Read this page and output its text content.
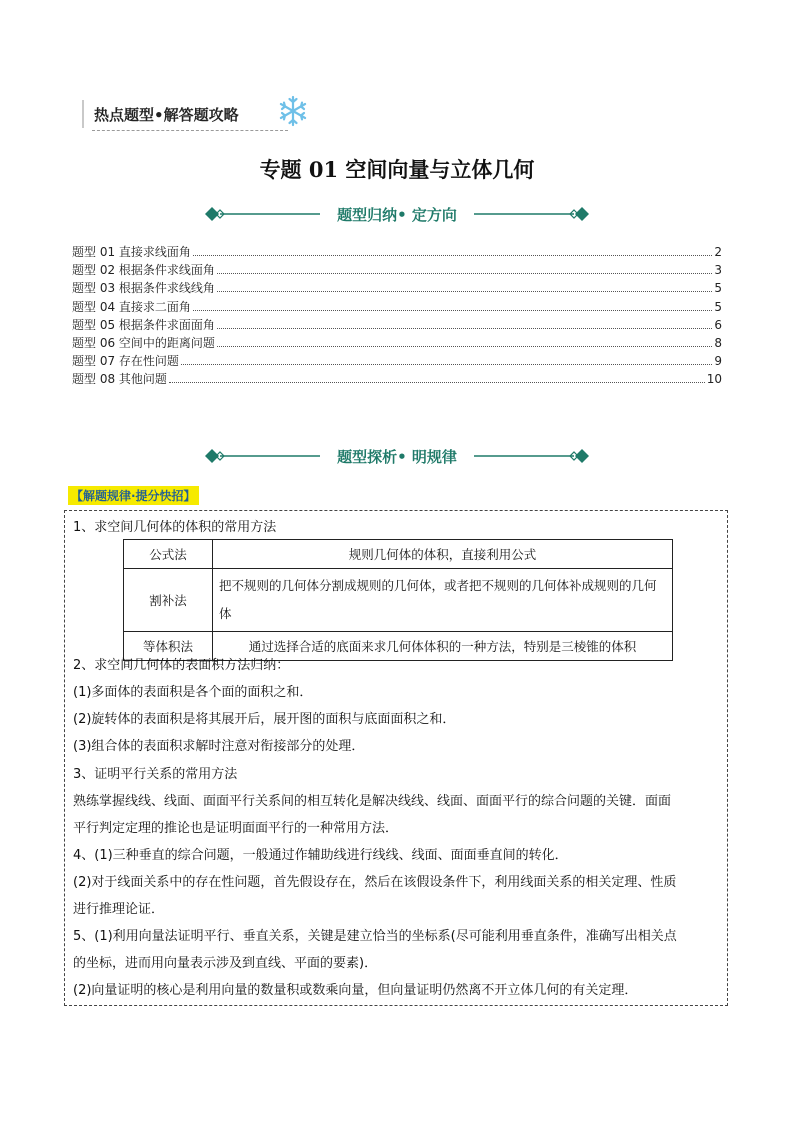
热点题型•解答题攻略
专题 01 空间向量与立体几何
题型归纳• 定方向
题型 01 直接求线面角	2
题型 02 根据条件求线面角	3
题型 03 根据条件求线线角	5
题型 04 直接求二面角	5
题型 05 根据条件求面面角	6
题型 06 空间中的距离问题	8
题型 07 存在性问题	9
题型 08 其他问题	10
题型探析• 明规律
【解题规律·提分快招】
1、求空间几何体的体积的常用方法
公式法	规则几何体的体积，直接利用公式
割补法	把不规则的几何体分割成规则的几何体，或者把不规则的几何体补成规则的几何体
等体积法	通过选择合适的底面来求几何体体积的一种方法，特别是三棱锥的体积
2、求空间几何体的表面积方法归纳：
(1)多面体的表面积是各个面的面积之和．
(2)旋转体的表面积是将其展开后，展开图的面积与底面面积之和．
(3)组合体的表面积求解时注意对衔接部分的处理．
3、证明平行关系的常用方法
熟练掌握线线、线面、面面平行关系间的相互转化是解决线线、线面、面面平行的综合问题的关键．面面
平行判定定理的推论也是证明面面平行的一种常用方法．
4、(1)三种垂直的综合问题，一般通过作辅助线进行线线、线面、面面垂直间的转化．
(2)对于线面关系中的存在性问题，首先假设存在，然后在该假设条件下，利用线面关系的相关定理、性质
进行推理论证．
5、(1)利用向量法证明平行、垂直关系，关键是建立恰当的坐标系(尽可能利用垂直条件，准确写出相关点
的坐标，进而用向量表示涉及到直线、平面的要素)．
(2)向量证明的核心是利用向量的数量积或数乘向量，但向量证明仍然离不开立体几何的有关定理．
